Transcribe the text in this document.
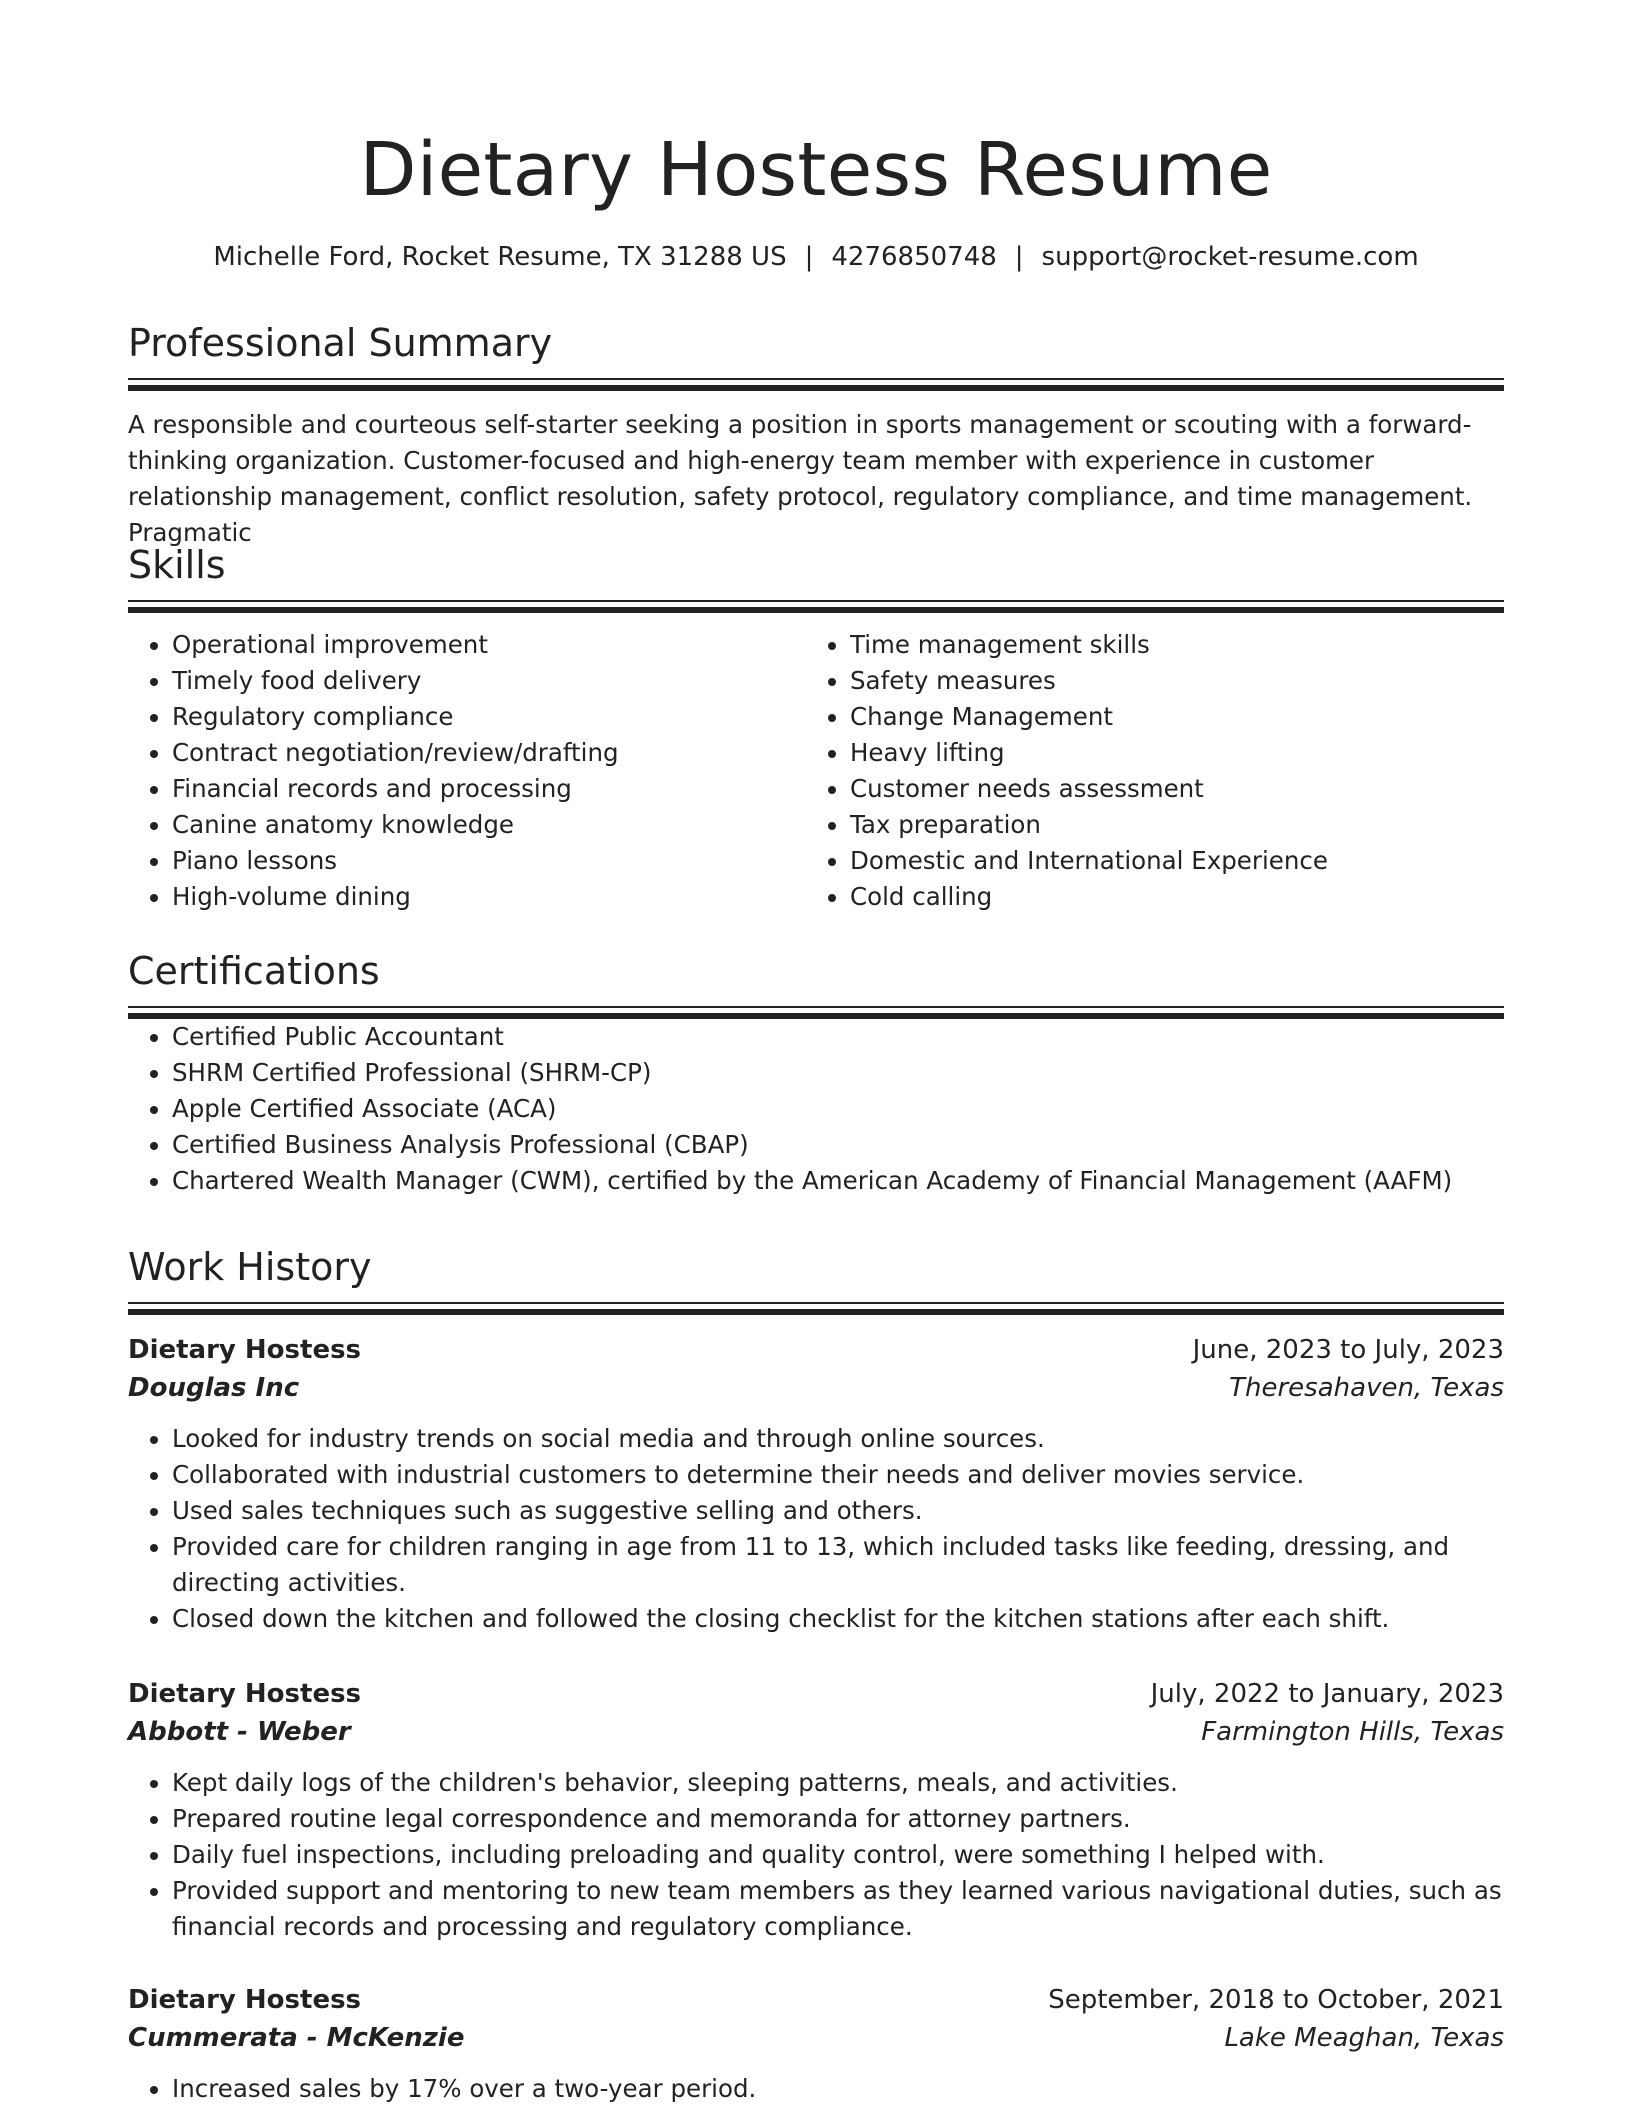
Dietary Hostess Resume
Michelle Ford, Rocket Resume, TX 31288 US | 4276850748 | support@rocket-resume.com
Professional Summary

A responsible and courteous self-starter seeking a position in sports management or scouting with a forward-thinking organization. Customer-focused and high-energy team member with experience in customer relationship management, conflict resolution, safety protocol, regulatory compliance, and time management. Pragmatic

Skills
• Operational improvement
• Timely food delivery
• Regulatory compliance
• Contract negotiation/review/drafting
• Financial records and processing
• Canine anatomy knowledge
• Piano lessons
• High-volume dining
• Time management skills
• Safety measures
• Change Management
• Heavy lifting
• Customer needs assessment
• Tax preparation
• Domestic and International Experience
• Cold calling
Certifications
• Certified Public Accountant
• SHRM Certified Professional (SHRM-CP)
• Apple Certified Associate (ACA)
• Certified Business Analysis Professional (CBAP)
• Chartered Wealth Manager (CWM), certified by the American Academy of Financial Management (AAFM)
Work History
Dietary Hostess	June, 2023 to July, 2023
Douglas Inc	Theresahaven, Texas
• Looked for industry trends on social media and through online sources.
• Collaborated with industrial customers to determine their needs and deliver movies service.
• Used sales techniques such as suggestive selling and others.
• Provided care for children ranging in age from 11 to 13, which included tasks like feeding, dressing, and directing activities.
• Closed down the kitchen and followed the closing checklist for the kitchen stations after each shift.
Dietary Hostess	July, 2022 to January, 2023
Abbott - Weber	Farmington Hills, Texas
• Kept daily logs of the children's behavior, sleeping patterns, meals, and activities.
• Prepared routine legal correspondence and memoranda for attorney partners.
• Daily fuel inspections, including preloading and quality control, were something I helped with.
• Provided support and mentoring to new team members as they learned various navigational duties, such as financial records and processing and regulatory compliance.
Dietary Hostess	September, 2018 to October, 2021
Cummerata - McKenzie	Lake Meaghan, Texas
• Increased sales by 17% over a two-year period.
